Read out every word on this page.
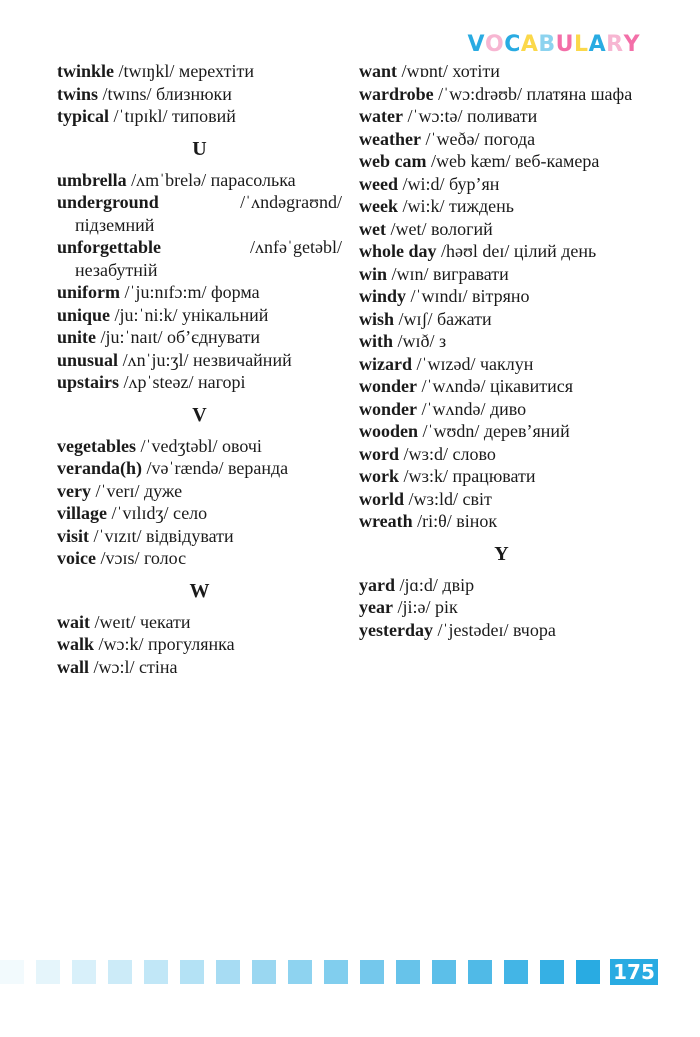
VOCABULARY
twinkle /twɪŋkl/ мерехтіти
twins /twɪns/ близнюки
typical /ˈtɪpɪkl/ типовий
U
umbrella /ʌmˈbrelə/ парасолька
underground /ˈʌndəgraʊnd/ підземний
unforgettable /ʌnfəˈgetəbl/ незабутній
uniform /ˈju:nɪfɔ:m/ форма
unique /ju:ˈni:k/ унікальний
unite /ju:ˈnaɪt/ об’єднувати
unusual /ʌnˈju:ʒl/ незвичайний
upstairs /ʌpˈsteəz/ нагорі
V
vegetables /ˈvedʒtəbl/ овочі
veranda(h) /vəˈrændə/ веранда
very /ˈverɪ/ дуже
village /ˈvɪlɪdʒ/ село
visit /ˈvɪzɪt/ відвідувати
voice /vɔɪs/ голос
W
wait /weɪt/ чекати
walk /wɔ:k/ прогулянка
wall /wɔ:l/ стіна
want /wɒnt/ хотіти
wardrobe /ˈwɔ:drəʊb/ платяна шафа
water /ˈwɔ:tə/ поливати
weather /ˈweðə/ погода
web cam /web kæm/ веб-камера
weed /wi:d/ бур’ян
week /wi:k/ тиждень
wet /wet/ вологий
whole day /həʊl deɪ/ цілий день
win /wɪn/ вигравати
windy /ˈwɪndɪ/ вітряно
wish /wɪʃ/ бажати
with /wɪð/ з
wizard /ˈwɪzəd/ чаклун
wonder /ˈwʌndə/ цікавитися
wonder /ˈwʌndə/ диво
wooden /ˈwʊdn/ дерев’яний
word /wɜ:d/ слово
work /wɜ:k/ працювати
world /wɜ:ld/ світ
wreath /ri:θ/ вінок
Y
yard /jɑ:d/ двір
year /ji:ə/ рік
yesterday /ˈjestədeɪ/ вчора
175
